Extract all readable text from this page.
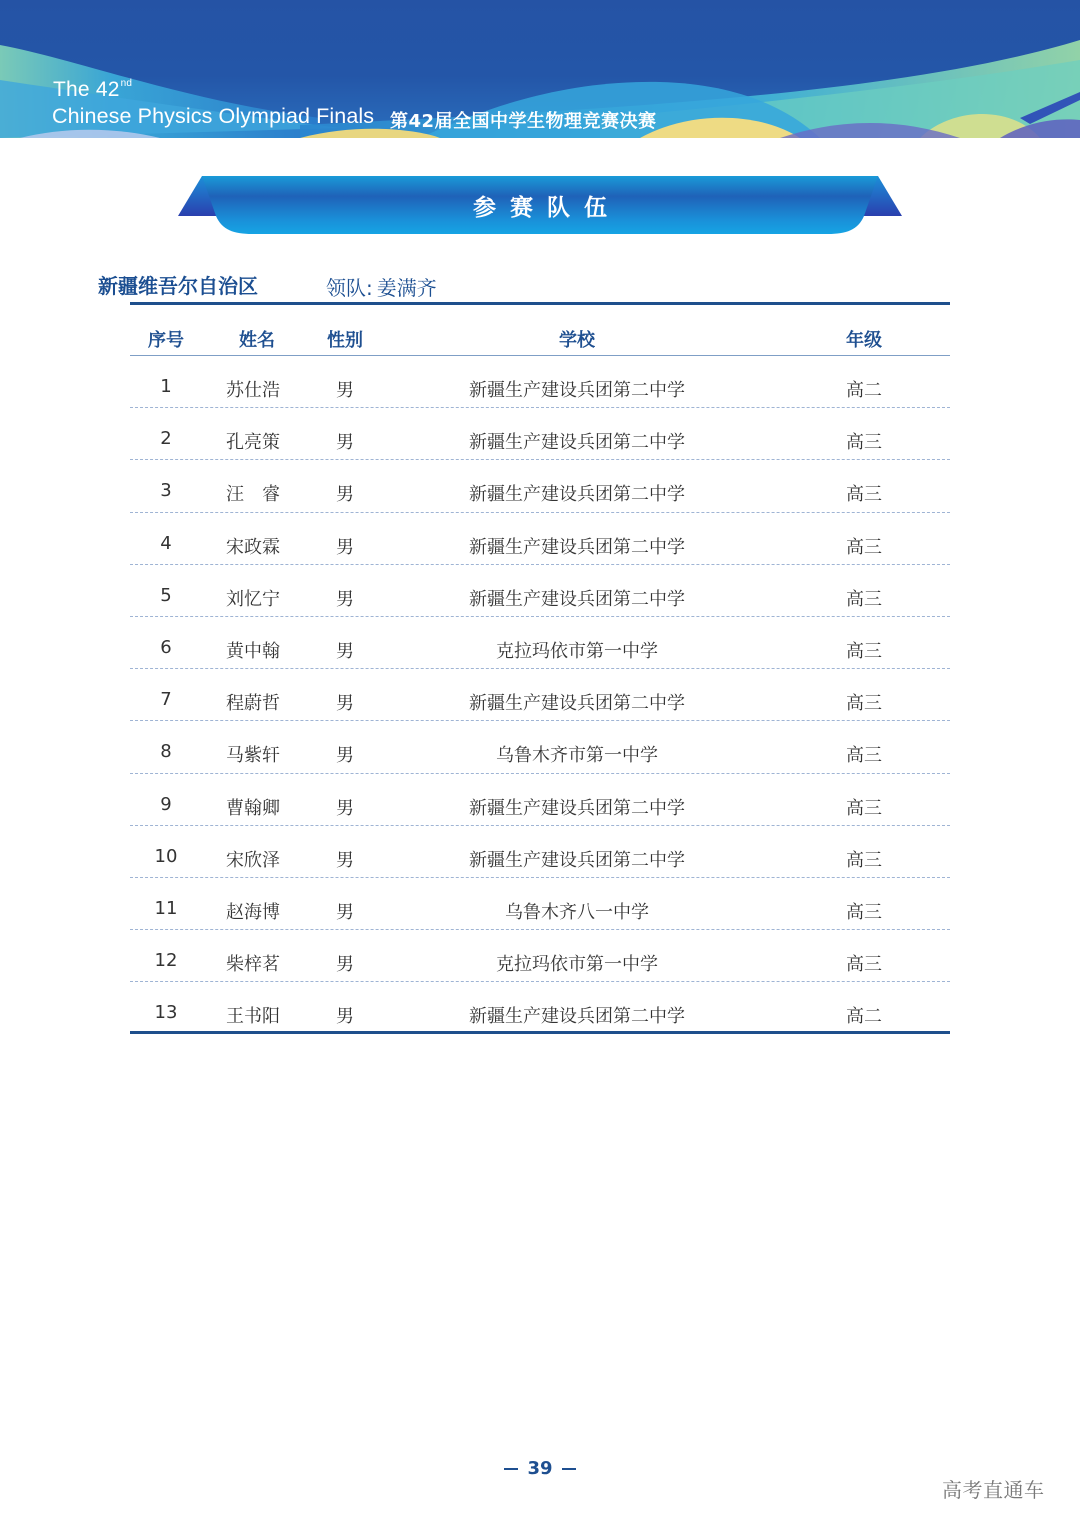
The 42nd
Chinese Physics Olympiad Finals 第42届全国中学生物理竞赛决赛
参赛队伍
新疆维吾尔自治区	领队: 姜满齐
序号	姓名	性别	学校	年级
1	苏仕浩	男	新疆生产建设兵团第二中学	高二
2	孔亮策	男	新疆生产建设兵团第二中学	高三
3	汪　睿	男	新疆生产建设兵团第二中学	高三
4	宋政霖	男	新疆生产建设兵团第二中学	高三
5	刘忆宁	男	新疆生产建设兵团第二中学	高三
6	黄中翰	男	克拉玛依市第一中学	高三
7	程蔚哲	男	新疆生产建设兵团第二中学	高三
8	马紫轩	男	乌鲁木齐市第一中学	高三
9	曹翰卿	男	新疆生产建设兵团第二中学	高三
10	宋欣泽	男	新疆生产建设兵团第二中学	高三
11	赵海博	男	乌鲁木齐八一中学	高三
12	柴梓茗	男	克拉玛依市第一中学	高三
13	王书阳	男	新疆生产建设兵团第二中学	高二
39
高考直通车
